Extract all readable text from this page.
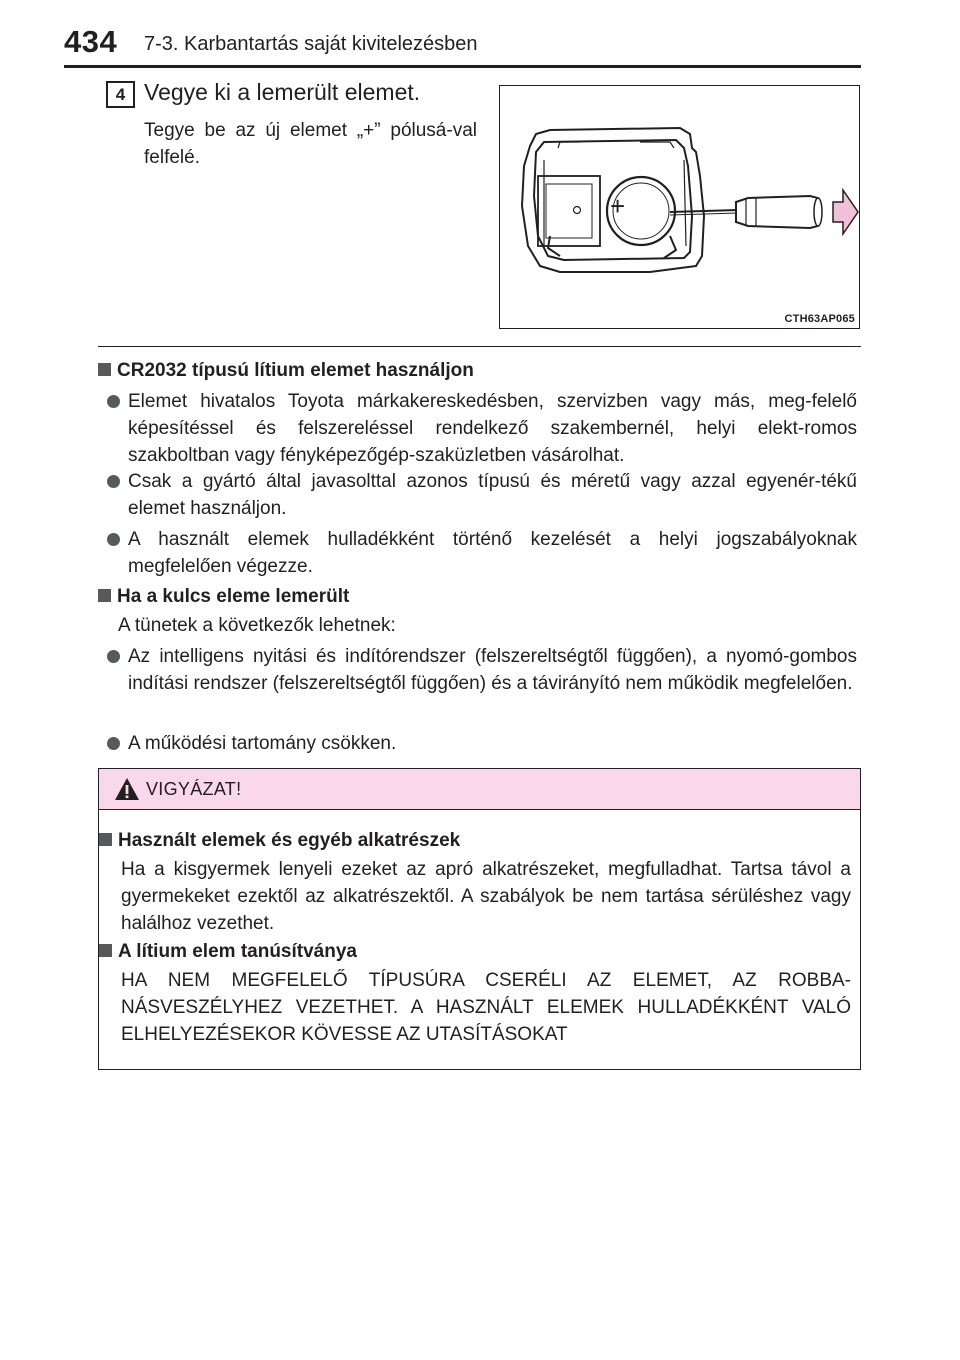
434 7-3. Karbantartás saját kivitelezésben
4 Vegye ki a lemerült elemet.
Tegye be az új elemet „+” pólusá-val felfelé.
+
CTH63AP065
CR2032 típusú lítium elemet használjon
Elemet hivatalos Toyota márkakereskedésben, szervizben vagy más, meg-felelő képesítéssel és felszereléssel rendelkező szakembernél, helyi elekt-romos szakboltban vagy fényképezőgép-szaküzletben vásárolhat.
Csak a gyártó által javasolttal azonos típusú és méretű vagy azzal egyenér-tékű elemet használjon.
A használt elemek hulladékként történő kezelését a helyi jogszabályoknak megfelelően végezze.
Ha a kulcs eleme lemerült
A tünetek a következők lehetnek:
Az intelligens nyitási és indítórendszer (felszereltségtől függően), a nyomó-gombos indítási rendszer (felszereltségtől függően) és a távirányító nem működik megfelelően.
A működési tartomány csökken.
VIGYÁZAT!
Használt elemek és egyéb alkatrészek
Ha a kisgyermek lenyeli ezeket az apró alkatrészeket, megfulladhat. Tartsa távol a gyermekeket ezektől az alkatrészektől. A szabályok be nem tartása sérüléshez vagy halálhoz vezethet.
A lítium elem tanúsítványa
HA NEM MEGFELELŐ TÍPUSÚRA CSERÉLI AZ ELEMET, AZ ROBBA-NÁSVESZÉLYHEZ VEZETHET. A HASZNÁLT ELEMEK HULLADÉKKÉNT VALÓ ELHELYEZÉSEKOR KÖVESSE AZ UTASÍTÁSOKAT
